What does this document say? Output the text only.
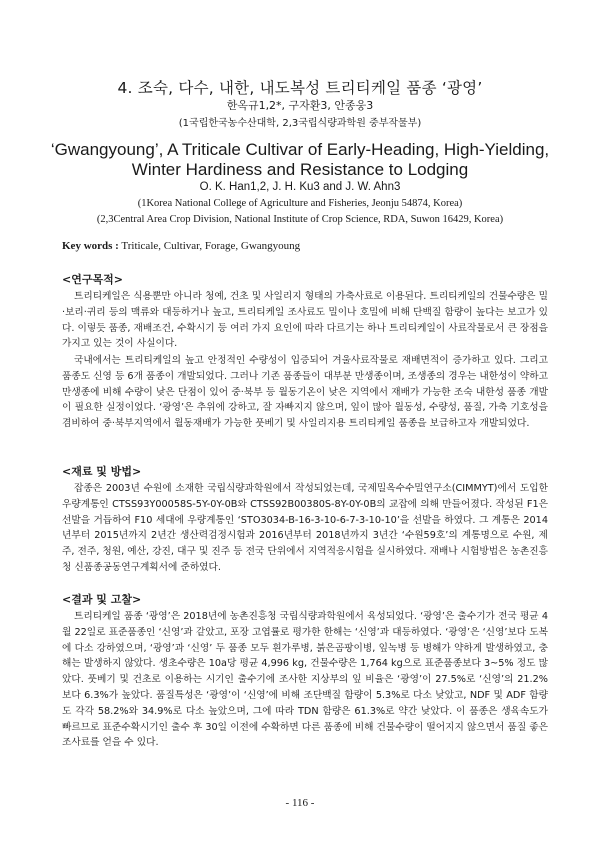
4. 조숙, 다수, 내한, 내도복성 트리티케일 품종 ‘광영’
한옥규1,2*, 구자환3, 안종웅3
(1국립한국농수산대학, 2,3국립식량과학원 중부작물부)
‘Gwangyoung’, A Triticale Cultivar of Early-Heading, High-Yielding, Winter Hardiness and Resistance to Lodging
O. K. Han1,2, J. H. Ku3 and J. W. Ahn3
(1Korea National College of Agriculture and Fisheries, Jeonju 54874, Korea)
(2,3Central Area Crop Division, National Institute of Crop Science, RDA, Suwon 16429, Korea)
Key words : Triticale, Cultivar, Forage, Gwangyoung
<연구목적>

트리티케일은 식용뿐만 아니라 청예, 건초 및 사일리지 형태의 가축사료로 이용된다. 트리티케일의 건물수량은 밀·보리·귀리 등의 맥류와 대등하거나 높고, 트리티케일 조사료도 밀이나 호밀에 비해 단백질 함량이 높다는 보고가 있다. 이렇듯 품종, 재배조건, 수확시기 등 여러 가지 요인에 따라 다르기는 하나 트리티케일이 사료작물로서 큰 장점을 가지고 있는 것이 사실이다.

국내에서는 트리티케일의 높고 안정적인 수량성이 입증되어 겨울사료작물로 재배면적이 증가하고 있다. 그리고 품종도 신영 등 6개 품종이 개발되었다. 그러나 기존 품종들이 대부분 만생종이며, 조생종의 경우는 내한성이 약하고 만생종에 비해 수량이 낮은 단점이 있어 중·북부 등 월동기온이 낮은 지역에서 재배가 가능한 조숙 내한성 품종 개발이 필요한 실정이었다. ‘광영’은 추위에 강하고, 잘 자빠지지 않으며, 잎이 많아 월동성, 수량성, 품질, 가축 기호성을 겸비하여 중·북부지역에서 월동재배가 가능한 풋베기 및 사일리지용 트리티케일 품종을 보급하고자 개발되었다.

<재료 및 방법>

잡종은 2003년 수원에 소재한 국립식량과학원에서 작성되었는데, 국제밀옥수수밀연구소(CIMMYT)에서 도입한 우량계통인 CTSS93Y00058S-5Y-0Y-0B와 CTSS92B00380S-8Y-0Y-0B의 교잡에 의해 만들어졌다. 작성된 F1은 선발을 거듭하여 F10 세대에 우량계통인 ‘STO3034-B-16-3-10-6-7-3-10-10’을 선발을 하였다. 그 계통은 2014년부터 2015년까지 2년간 생산력검정시험과 2016년부터 2018년까지 3년간 ‘수원59호’의 계통명으로 수원, 제주, 전주, 청원, 예산, 강진, 대구 및 진주 등 전국 단위에서 지역적응시험을 실시하였다. 재배나 시험방법은 농촌진흥청 신품종공동연구계획서에 준하였다.

<결과 및 고찰>

트리티케일 품종 ‘광영’은 2018년에 농촌진흥청 국립식량과학원에서 육성되었다. ‘광영’은 출수기가 전국 평균 4월 22일로 표준품종인 ‘신영’과 같았고, 포장 고엽률로 평가한 한해는 ‘신영’과 대등하였다. ‘광영’은 ‘신영’보다 도복에 다소 강하였으며, ‘광영’과 ‘신영’ 두 품종 모두 흰가루병, 붉은곰팡이병, 잎녹병 등 병해가 약하게 발생하였고, 충해는 발생하지 않았다. 생초수량은 10a당 평균 4,996 kg, 건물수량은 1,764 kg으로 표준품종보다 3~5% 정도 많았다. 풋베기 및 건초로 이용하는 시기인 출수기에 조사한 지상부의 잎 비율은 ‘광영’이 27.5%로 ‘신영’의 21.2% 보다 6.3%가 높았다. 품질특성은 ‘광영’이 ‘신영’에 비해 조단백질 함량이 5.3%로 다소 낮았고, NDF 및 ADF 함량도 각각 58.2%와 34.9%로 다소 높았으며, 그에 따라 TDN 함량은 61.3%로 약간 낮았다. 이 품종은 생육속도가 빠르므로 표준수확시기인 출수 후 30일 이전에 수확하면 다른 품종에 비해 건물수량이 떨어지지 않으면서 품질 좋은 조사료를 얻을 수 있다.

- 116 -
